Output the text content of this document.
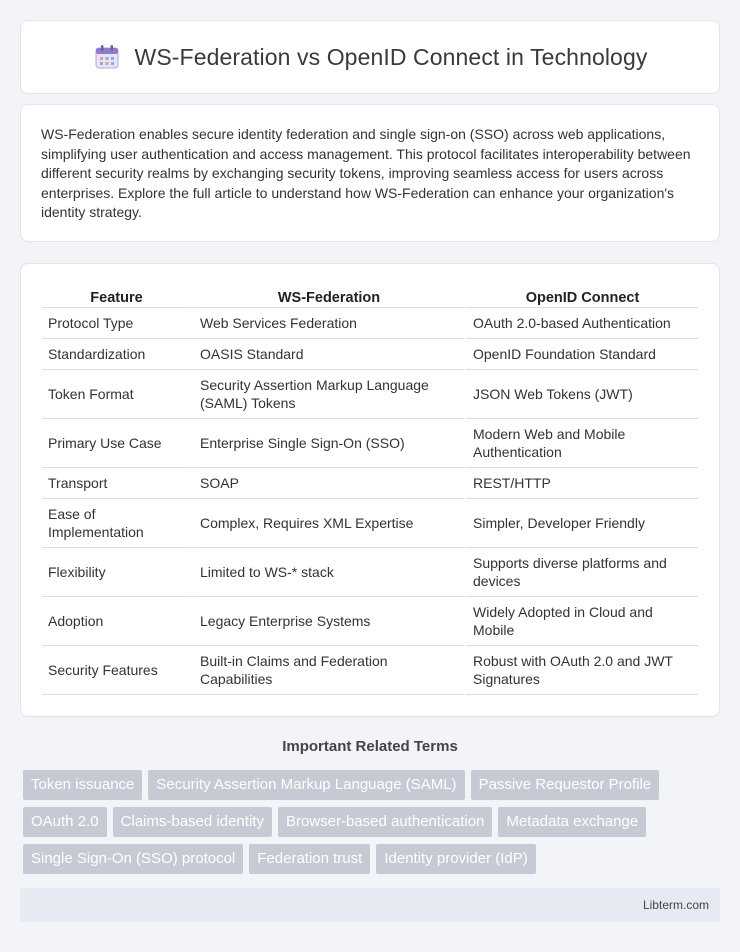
WS-Federation vs OpenID Connect in Technology

WS-Federation enables secure identity federation and single sign-on (SSO) across web applications, simplifying user authentication and access management. This protocol facilitates interoperability between different security realms by exchanging security tokens, improving seamless access for users across enterprises. Explore the full article to understand how WS-Federation can enhance your organization's identity strategy.

Feature	WS-Federation	OpenID Connect
Protocol Type	Web Services Federation	OAuth 2.0-based Authentication
Standardization	OASIS Standard	OpenID Foundation Standard
Token Format	Security Assertion Markup Language (SAML) Tokens	JSON Web Tokens (JWT)
Primary Use Case	Enterprise Single Sign-On (SSO)	Modern Web and Mobile Authentication
Transport	SOAP	REST/HTTP
Ease of Implementation	Complex, Requires XML Expertise	Simpler, Developer Friendly
Flexibility	Limited to WS-* stack	Supports diverse platforms and devices
Adoption	Legacy Enterprise Systems	Widely Adopted in Cloud and Mobile
Security Features	Built-in Claims and Federation Capabilities	Robust with OAuth 2.0 and JWT Signatures
Important Related Terms
Token issuance	Security Assertion Markup Language (SAML)	Passive Requestor Profile
OAuth 2.0	Claims-based identity	Browser-based authentication	Metadata exchange
Single Sign-On (SSO) protocol	Federation trust	Identity provider (IdP)
Libterm.com
